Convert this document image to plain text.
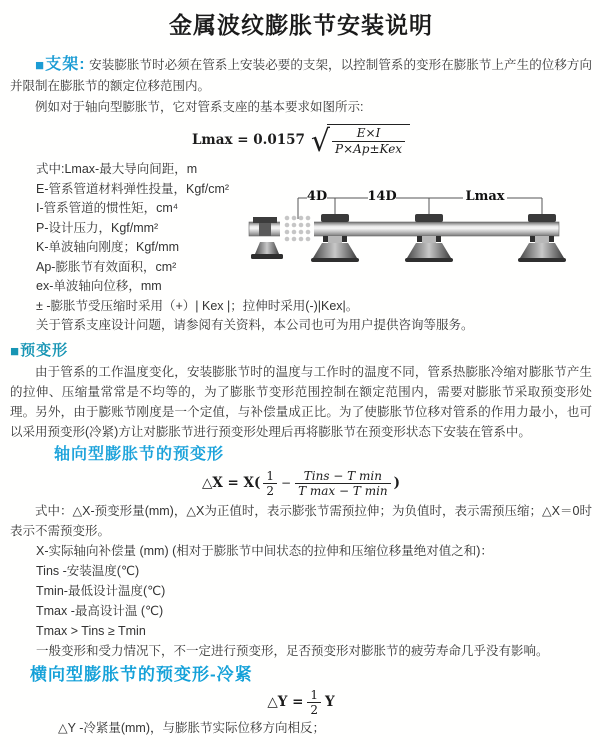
金属波纹膨胀节安装说明

■支架: 安装膨胀节时必须在管系上安装必要的支架，以控制管系的变形在膨胀节上产生的位移方向并限制在膨胀节的额定位移范围内。

例如对于轴向型膨胀节，它对管系支座的基本要求如图所示:

Lmax = 0.0157 √ $\frac{E\times I}{\text{P×Ap±Kex}}$
式中:Lmax-最大导向间距，m
E-管系管道材料弹性投量，Kgf/cm²
I-管系管道的惯性矩，cm⁴
P-设计压力，Kgf/mm²
K-单波轴向刚度；Kgf/mm
Ap-膨胀节有效面积，cm²
ex-单波轴向位移，mm
± -膨胀节受压缩时采用（+）| Kex |；拉伸时采用(-)|Kex|。
关于管系支座设计问题，请参阅有关资料，本公司也可为用户提供咨询等服务。
4D	14D	Lmax

■预变形

由于管系的工作温度变化，安装膨胀节时的温度与工作时的温度不同，管系热膨胀冷缩对膨胀节产生的拉伸、压缩量常常是不均等的，为了膨胀节变形范围控制在额定范围内，需要对膨胀节采取预变形处理。另外，由于膨账节刚度是一个定值，与补偿量成正比。为了使膨胀节位移对管系的作用力最小，也可以采用预变形(冷紧)方让对膨胀节进行预变形处理后再将膨胀节在预变形状态下安装在管系中。

轴向型膨胀节的预变形
△X = $X( \frac{1}{2} - \frac{\text{Tins − T min}}{\text{T max − T min}}$ )

式中：△X-预变形量(mm)，△X为正值时，表示膨张节需预拉伸；为负值时，表示需预压缩；△X＝0时表示不需预变形。

X-实际轴向补偿量 (mm) (相对于膨胀节中间状态的拉伸和压缩位移量绝对值之和)：
Tins -安装温度(℃)
Tmin-最低设计温度(℃)
Tmax -最高设计温 (℃)
Tmax > Tins ≥ Tmin
一般变形和受力情况下，不一定进行预变形，足否预变形对膨胀节的疲劳寿命几乎没有影响。
横向型膨胀节的预变形-冷紧
△Y = $\frac{1}{2}$ Y
△Y -冷紧量(mm)，与膨胀节实际位移方向相反；
